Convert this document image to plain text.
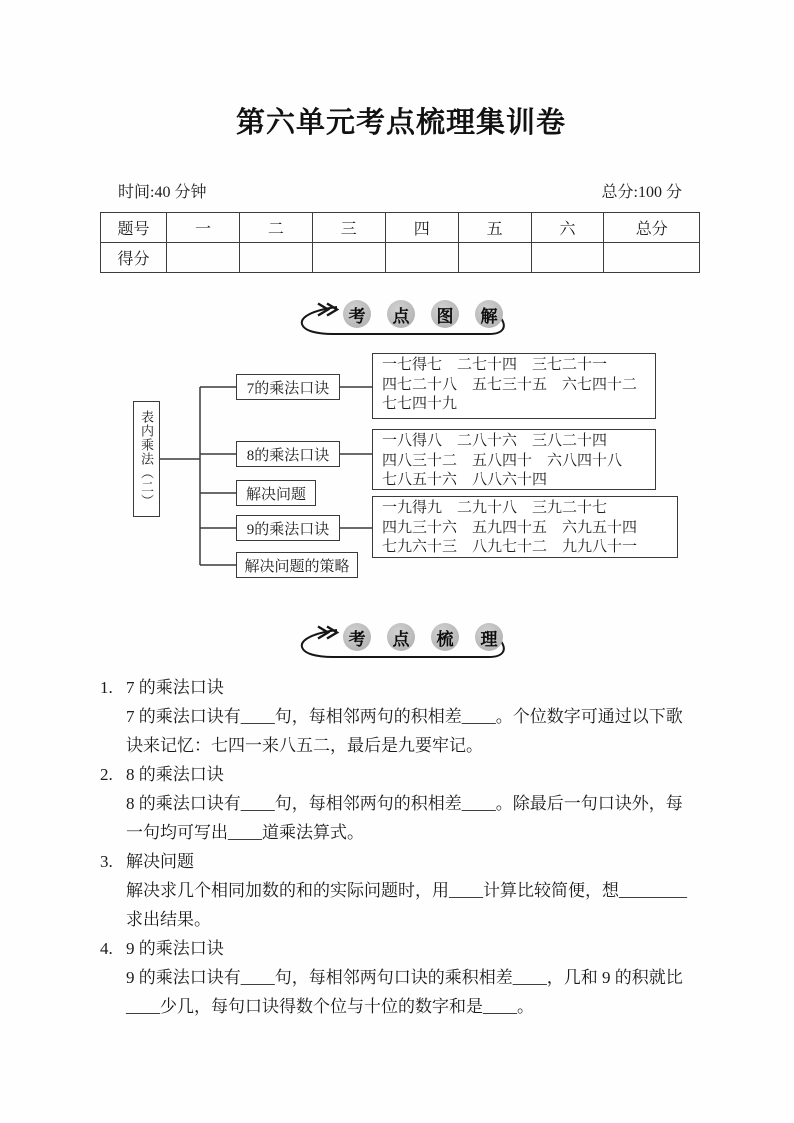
第六单元考点梳理集训卷
时间:40 分钟	总分:100 分
题号	一	二	三	四	五	六	总分
得分							
考	点	图	解
表内乘法（二）
7的乘法口诀
8的乘法口诀
解决问题
9的乘法口诀
解决问题的策略
一七得七　二七十四　三七二十一
四七二十八　五七三十五　六七四十二
七七四十九
一八得八　二八十六　三八二十四
四八三十二　五八四十　六八四十八
七八五十六　八八六十四
一九得九　二九十八　三九二十七
四九三十六　五九四十五　六九五十四
七九六十三　八九七十二　九九八十一
考	点	梳	理
1. 7 的乘法口诀
7 的乘法口诀有____句，每相邻两句的积相差____。个位数字可通过以下歌
诀来记忆：七四一来八五二，最后是九要牢记。
2. 8 的乘法口诀
8 的乘法口诀有____句，每相邻两句的积相差____。除最后一句口诀外，每
一句均可写出____道乘法算式。
3. 解决问题
解决求几个相同加数的和的实际问题时，用____计算比较简便，想________
求出结果。
4. 9 的乘法口诀
9 的乘法口诀有____句，每相邻两句口诀的乘积相差____，几和 9 的积就比
____少几，每句口诀得数个位与十位的数字和是____。
